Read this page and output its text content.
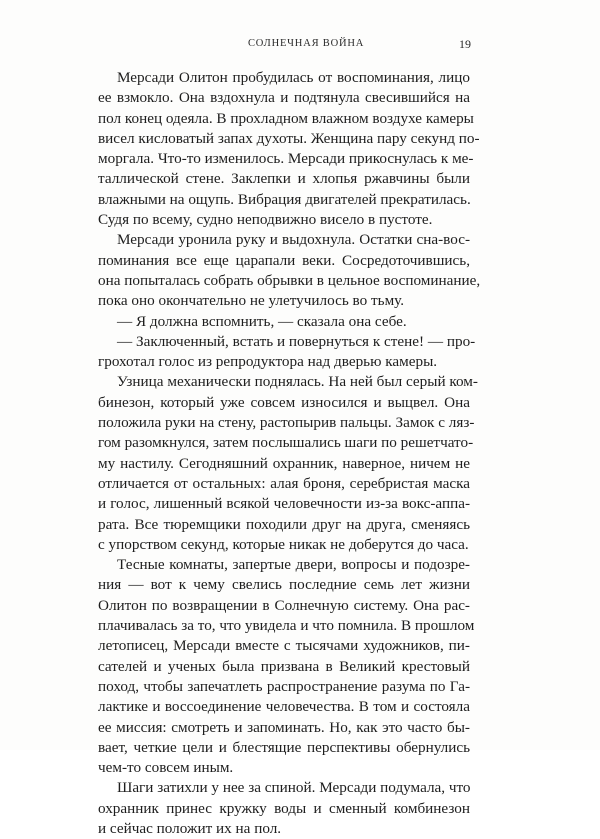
СОЛНЕЧНАЯ ВОЙНА	19
Мерсади Олитон пробудилась от воспоминания, лицо
ее взмокло. Она вздохнула и подтянула свесившийся на
пол конец одеяла. В прохладном влажном воздухе камеры
висел кисловатый запах духоты. Женщина пару секунд по-
моргала. Что-то изменилось. Мерсади прикоснулась к ме-
таллической стене. Заклепки и хлопья ржавчины были
влажными на ощупь. Вибрация двигателей прекратилась.
Судя по всему, судно неподвижно висело в пустоте.
Мерсади уронила руку и выдохнула. Остатки сна-вос-
поминания все еще царапали веки. Сосредоточившись,
она попыталась собрать обрывки в цельное воспоминание,
пока оно окончательно не улетучилось во тьму.
— Я должна вспомнить, — сказала она себе.
— Заключенный, встать и повернуться к стене! — про-
грохотал голос из репродуктора над дверью камеры.
Узница механически поднялась. На ней был серый ком-
бинезон, который уже совсем износился и выцвел. Она
положила руки на стену, растопырив пальцы. Замок с ляз-
гом разомкнулся, затем послышались шаги по решетчато-
му настилу. Сегодняшний охранник, наверное, ничем не
отличается от остальных: алая броня, серебристая маска
и голос, лишенный всякой человечности из-за вокс-аппа-
рата. Все тюремщики походили друг на друга, сменяясь
с упорством секунд, которые никак не доберутся до часа.
Тесные комнаты, запертые двери, вопросы и подозре-
ния — вот к чему свелись последние семь лет жизни
Олитон по возвращении в Солнечную систему. Она рас-
плачивалась за то, что увидела и что помнила. В прошлом
летописец, Мерсади вместе с тысячами художников, пи-
сателей и ученых была призвана в Великий крестовый
поход, чтобы запечатлеть распространение разума по Га-
лактике и воссоединение человечества. В том и состояла
ее миссия: смотреть и запоминать. Но, как это часто бы-
вает, четкие цели и блестящие перспективы обернулись
чем-то совсем иным.
Шаги затихли у нее за спиной. Мерсади подумала, что
охранник принес кружку воды и сменный комбинезон
и сейчас положит их на пол.
